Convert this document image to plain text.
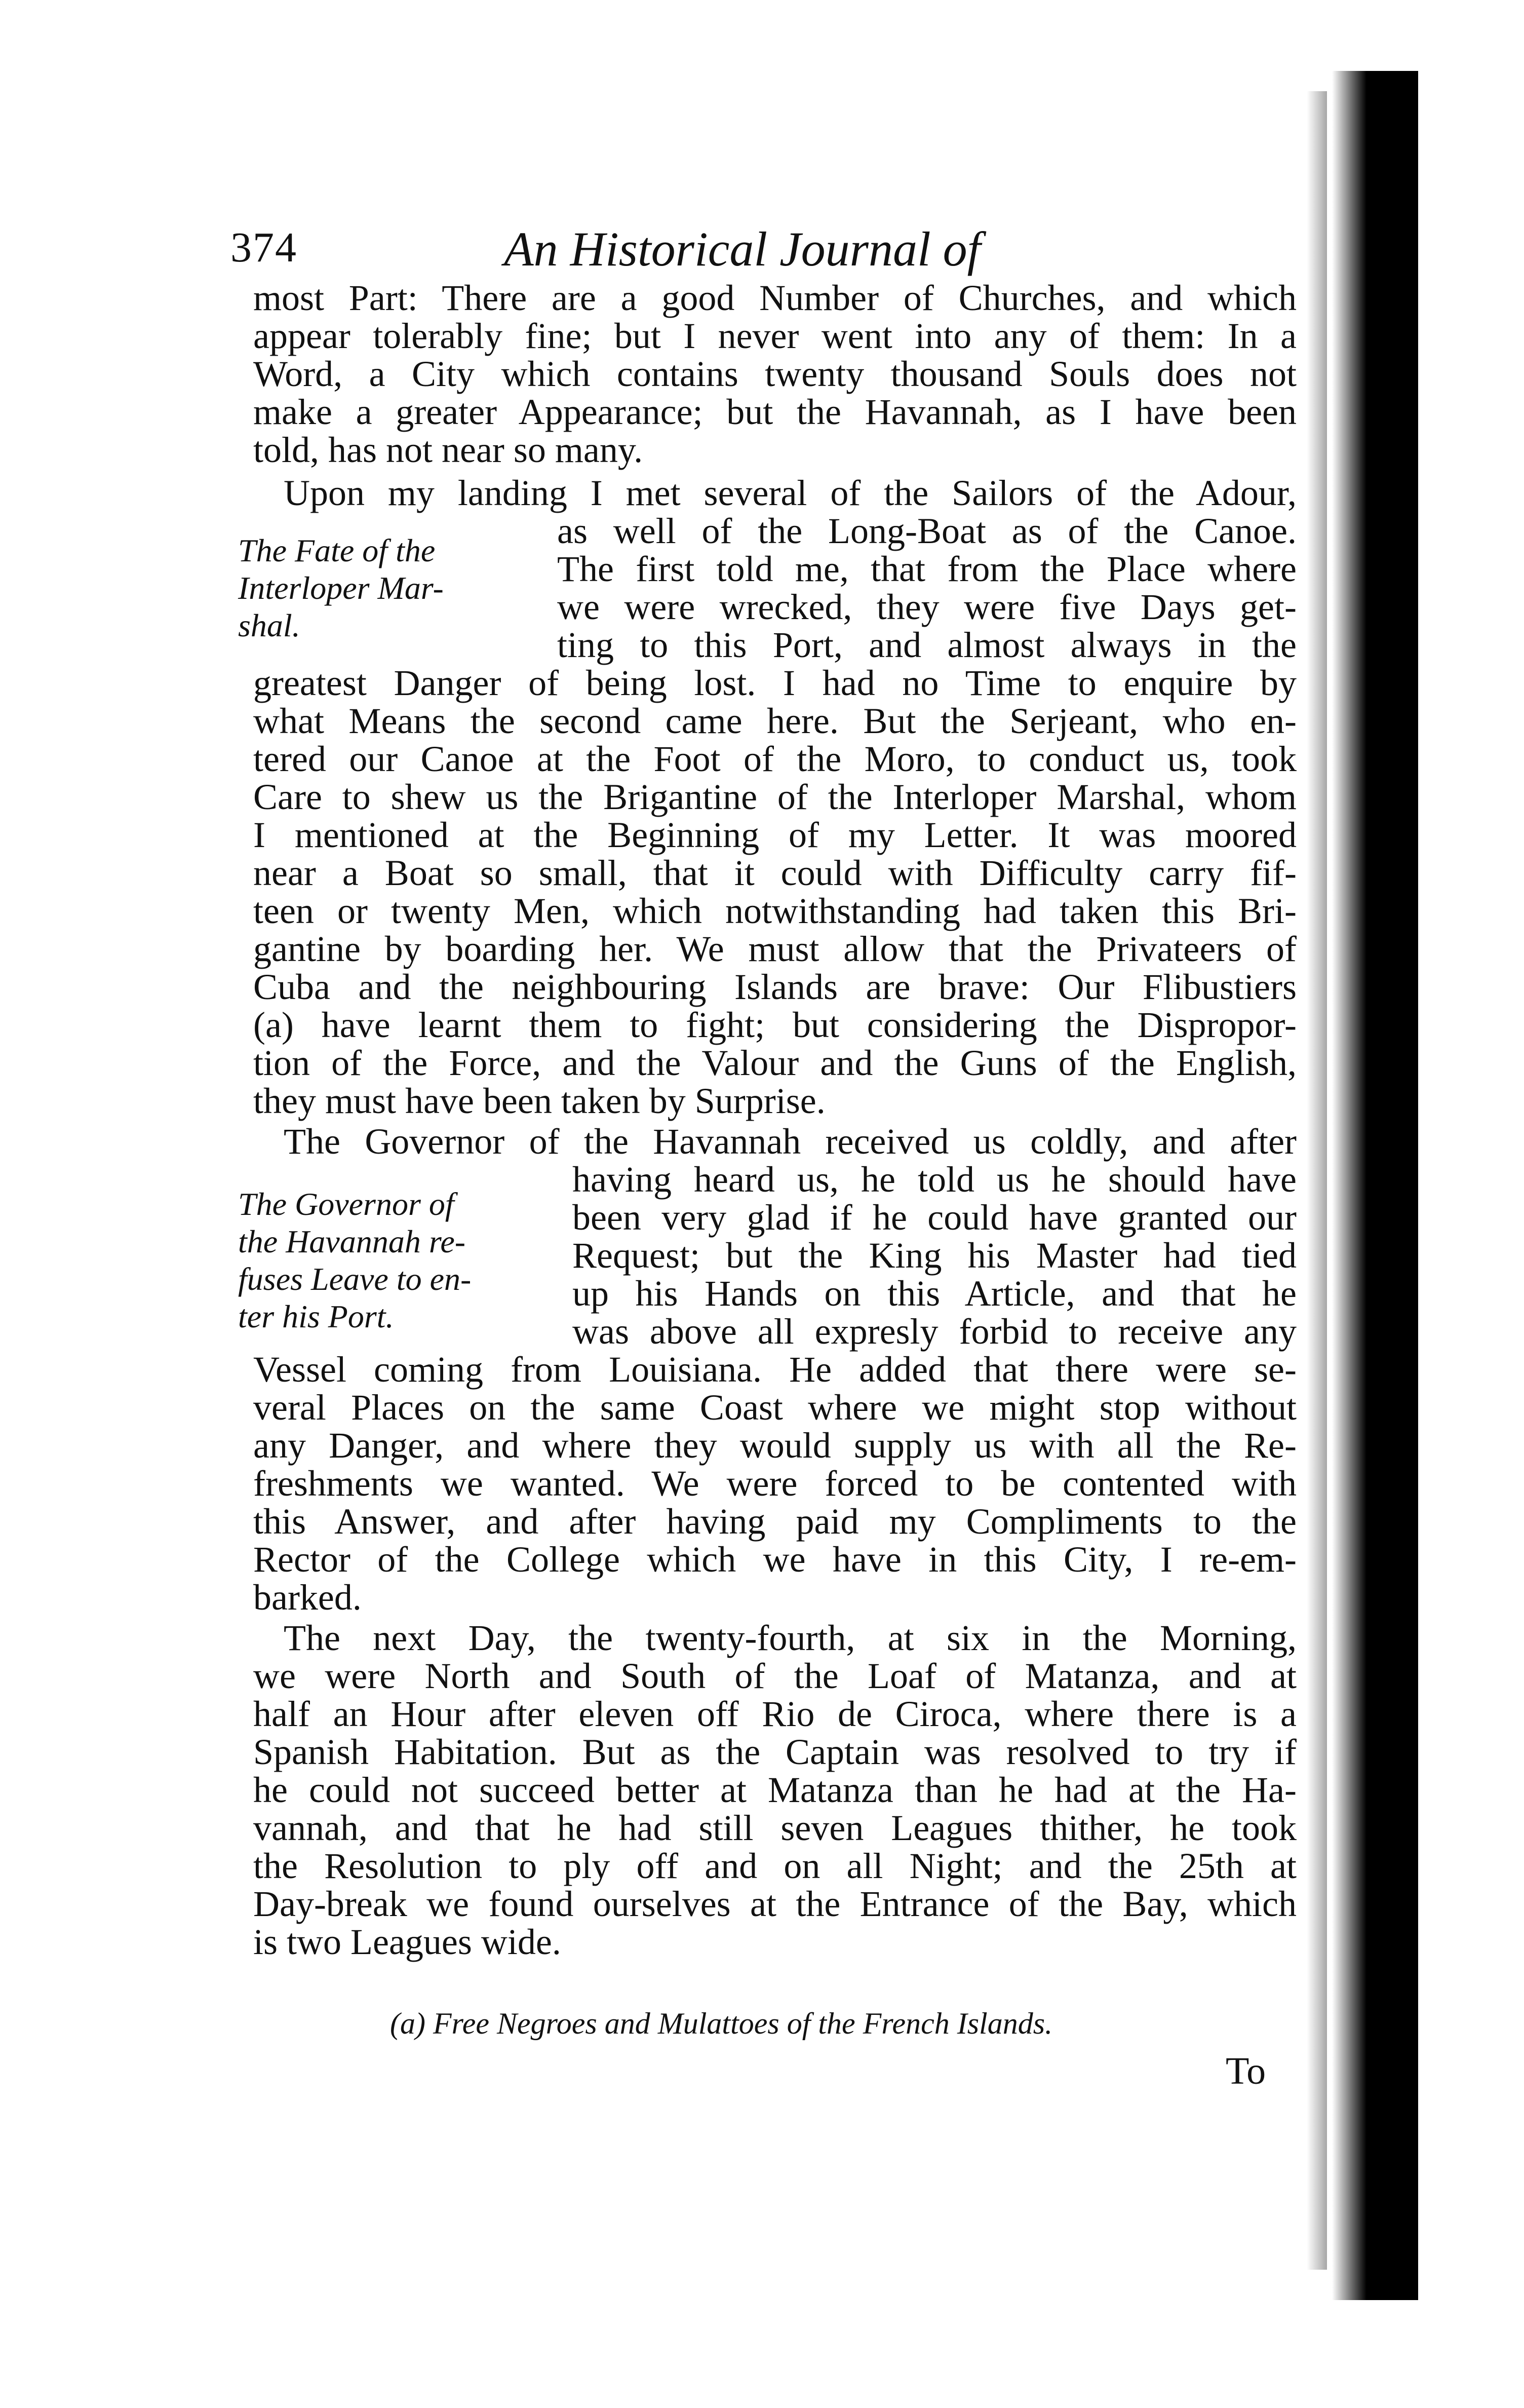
374	An Historical Journal of
most Part: There are a good Number of Churches, and which
appear tolerably fine; but I never went into any of them: In a
Word, a City which contains twenty thousand Souls does not
make a greater Appearance; but the Havannah, as I have been
told, has not near so many.
Upon my landing I met several of the Sailors of the Adour,
The Fate of the
Interloper Mar-
shal.
as well of the Long-Boat as of the Canoe.
The first told me, that from the Place where
we were wrecked, they were five Days get-
ting to this Port, and almost always in the
greatest Danger of being lost. I had no Time to enquire by
what Means the second came here. But the Serjeant, who en-
tered our Canoe at the Foot of the Moro, to conduct us, took
Care to shew us the Brigantine of the Interloper Marshal, whom
I mentioned at the Beginning of my Letter. It was moored
near a Boat so small, that it could with Difficulty carry fif-
teen or twenty Men, which notwithstanding had taken this Bri-
gantine by boarding her. We must allow that the Privateers of
Cuba and the neighbouring Islands are brave: Our Flibustiers
(a) have learnt them to fight; but considering the Dispropor-
tion of the Force, and the Valour and the Guns of the English,
they must have been taken by Surprise.
The Governor of the Havannah received us coldly, and after
The Governor of
the Havannah re-
fuses Leave to en-
ter his Port.
having heard us, he told us he should have
been very glad if he could have granted our
Request; but the King his Master had tied
up his Hands on this Article, and that he
was above all expresly forbid to receive any
Vessel coming from Louisiana. He added that there were se-
veral Places on the same Coast where we might stop without
any Danger, and where they would supply us with all the Re-
freshments we wanted. We were forced to be contented with
this Answer, and after having paid my Compliments to the
Rector of the College which we have in this City, I re-em-
barked.
The next Day, the twenty-fourth, at six in the Morning,
we were North and South of the Loaf of Matanza, and at
half an Hour after eleven off Rio de Ciroca, where there is a
Spanish Habitation. But as the Captain was resolved to try if
he could not succeed better at Matanza than he had at the Ha-
vannah, and that he had still seven Leagues thither, he took
the Resolution to ply off and on all Night; and the 25th at
Day-break we found ourselves at the Entrance of the Bay, which
is two Leagues wide.
(a) Free Negroes and Mulattoes of the French Islands.
To
